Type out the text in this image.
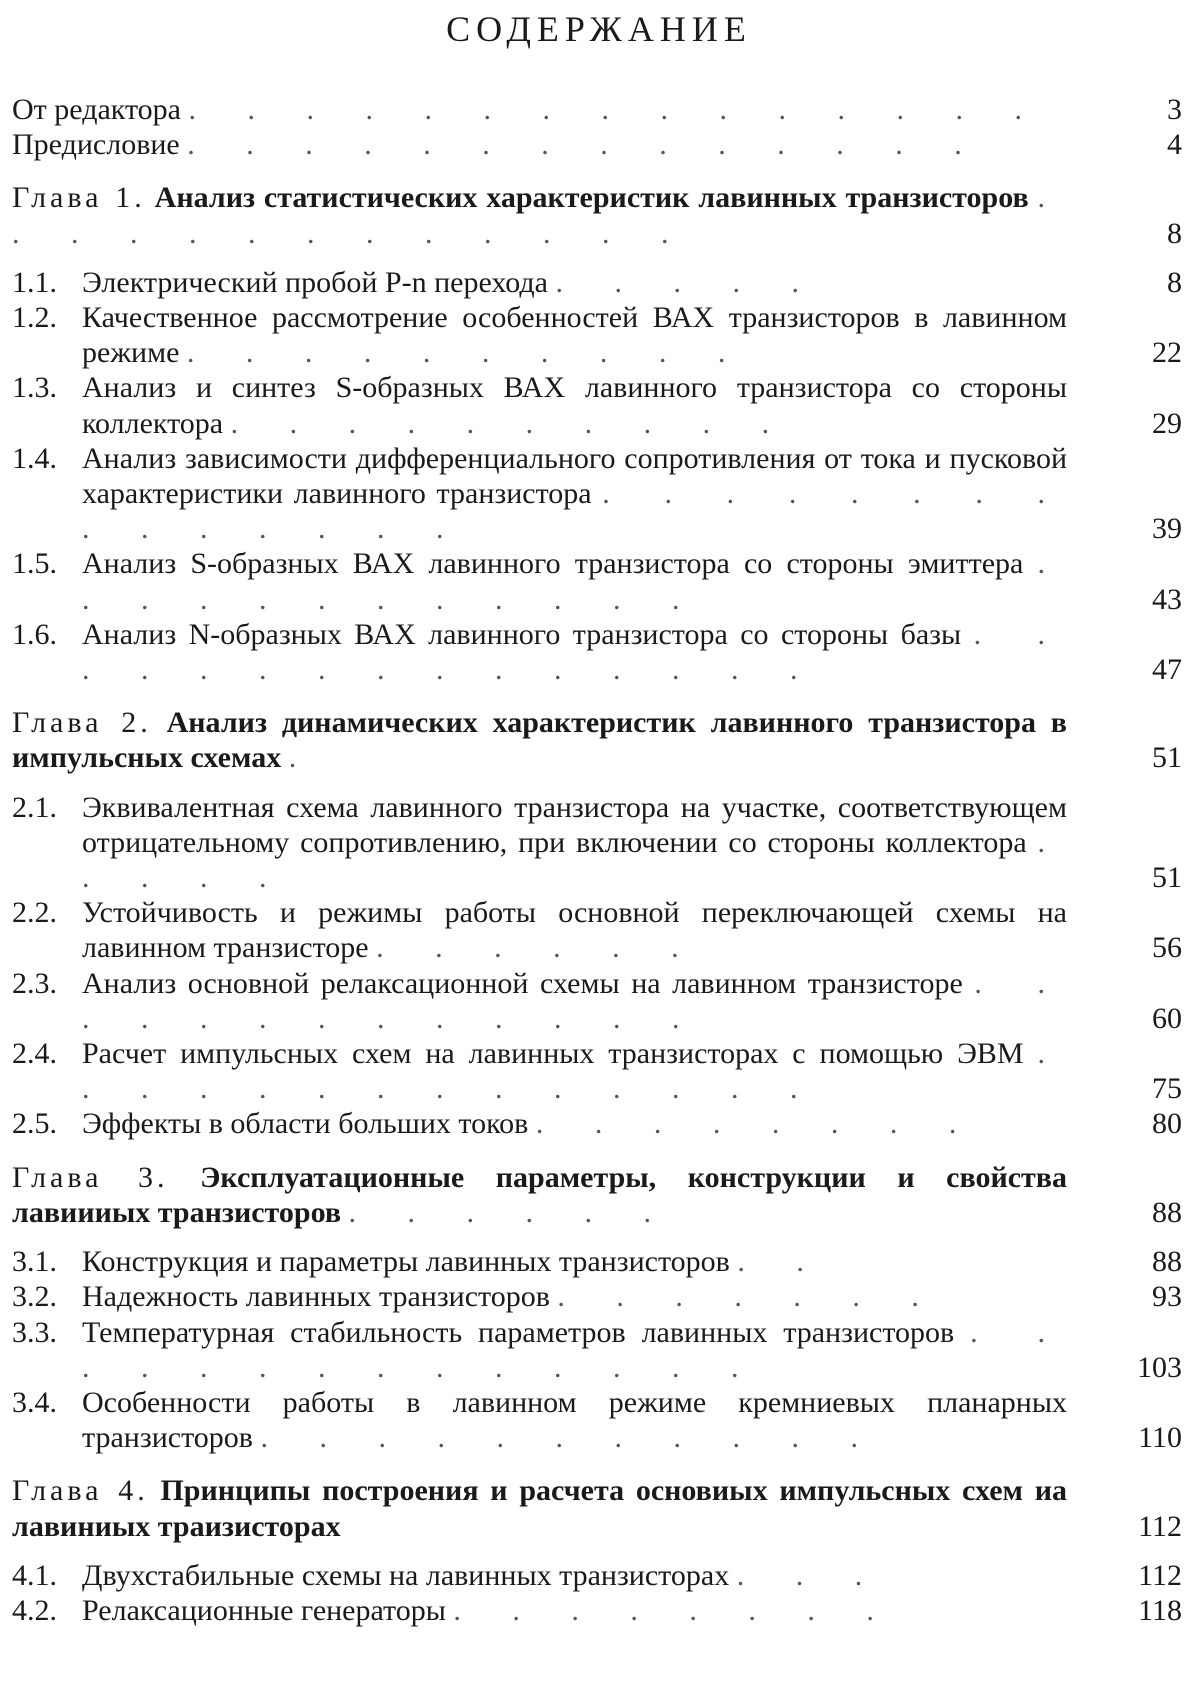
СОДЕРЖАНИЕ
От редактора . . . . . . . . . . . . . . .	3
Предисловие . . . . . . . . . . . . . .	4
Глава 1. Анализ статистических характеристик лавинных транзисторов . . . . . . . . . . . . .	8
1.1. Электрический пробой P-n перехода . . . . .	8
1.2. Качественное рассмотрение особенностей ВАХ транзисторов в лавинном режиме . . . . . . . . . .	22
1.3. Анализ и синтез S-образных ВАХ лавинного транзистора со стороны коллектора . . . . . . . . . .	29
1.4. Анализ зависимости дифференциального сопротивления от тока и пусковой характеристики лавинного транзистора . . . . . . . . . . . . . . .	39
1.5. Анализ S-образных ВАХ лавинного транзистора со стороны эмиттера . . . . . . . . . . . .	43
1.6. Анализ N-образных ВАХ лавинного транзистора со стороны базы . . . . . . . . . . . . . . .	47
Глава 2. Анализ динамических характеристик лавинного транзистора в импульсных схемах .	51
2.1. Эквивалентная схема лавинного транзистора на участке, соответствующем отрицательному сопротивлению, при включении со стороны коллектора . . . . .	51
2.2. Устойчивость и режимы работы основной переключающей схемы на лавинном транзисторе . . . . . .	56
2.3. Анализ основной релаксационной схемы на лавинном транзисторе . . . . . . . . . . . . .	60
2.4. Расчет импульсных схем на лавинных транзисторах с помощью ЭВМ . . . . . . . . . . . . . .	75
2.5. Эффекты в области больших токов . . . . . . . .	80
Глава 3. Эксплуатационные параметры, конструкции и свойства лавиииых транзисторов . . . . . .	88
3.1. Конструкция и параметры лавинных транзисторов . .	88
3.2. Надежность лавинных транзисторов . . . . . . .	93
3.3. Температурная стабильность параметров лавинных транзисторов . . . . . . . . . . . . . .	103
3.4. Особенности работы в лавинном режиме кремниевых планарных транзисторов . . . . . . . . . . .	110
Глава 4. Принципы построения и расчета основиых импульсных схем иа лавиниых траизисторах	112
4.1. Двухстабильные схемы на лавинных транзисторах . . .	112
4.2. Релаксационные генераторы . . . . . . . .	118
